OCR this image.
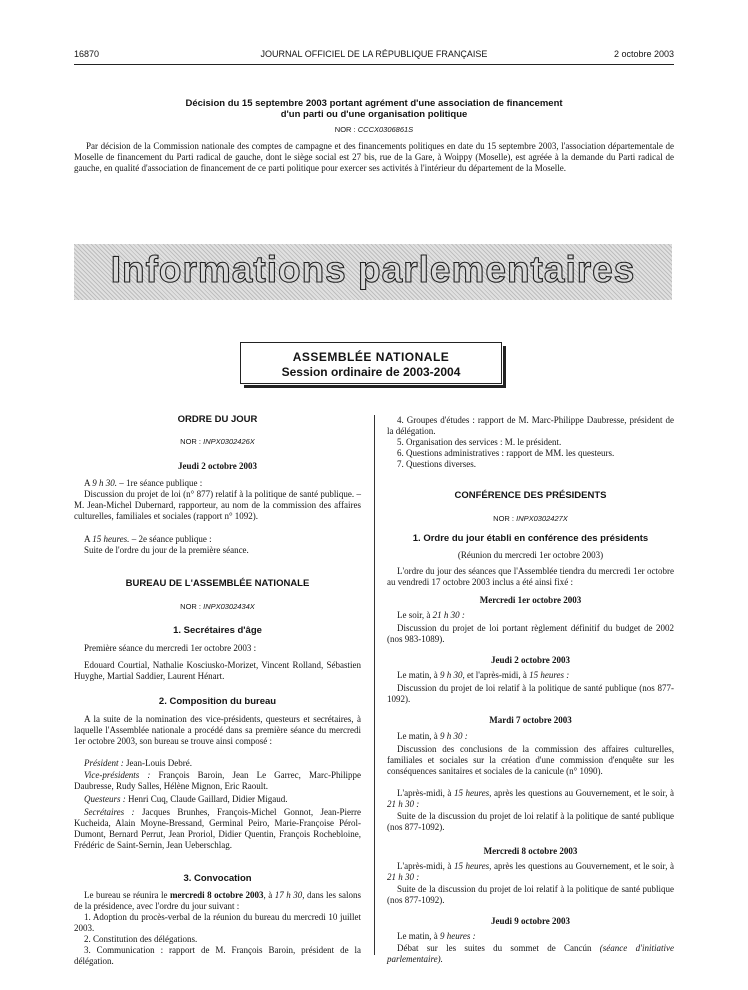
16870	JOURNAL OFFICIEL DE LA RÉPUBLIQUE FRANÇAISE	2 octobre 2003
Décision du 15 septembre 2003 portant agrément d'une association de financement
d'un parti ou d'une organisation politique
NOR : CCCX0306861S
Par décision de la Commission nationale des comptes de campagne et des financements politiques en date du 15 septembre 2003, l'association départementale de Moselle de financement du Parti radical de gauche, dont le siège social est 27 bis, rue de la Gare, à Woippy (Moselle), est agréée à la demande du Parti radical de gauche, en qualité d'association de financement de ce parti politique pour exercer ses activités à l'intérieur du département de la Moselle.
Informations parlementaires
ASSEMBLÉE NATIONALE
Session ordinaire de 2003-2004
ORDRE DU JOUR
NOR : INPX0302426X
Jeudi 2 octobre 2003
A 9 h 30. – 1re séance publique :
Discussion du projet de loi (n° 877) relatif à la politique de santé publique. – M. Jean-Michel Dubernard, rapporteur, au nom de la commission des affaires culturelles, familiales et sociales (rapport n° 1092).
A 15 heures. – 2e séance publique :
Suite de l'ordre du jour de la première séance.
BUREAU DE L'ASSEMBLÉE NATIONALE
NOR : INPX0302434X
1. Secrétaires d'âge
Première séance du mercredi 1er octobre 2003 :
Edouard Courtial, Nathalie Kosciusko-Morizet, Vincent Rolland, Sébastien Huyghe, Martial Saddier, Laurent Hénart.
2. Composition du bureau
A la suite de la nomination des vice-présidents, questeurs et secrétaires, à laquelle l'Assemblée nationale a procédé dans sa première séance du mercredi 1er octobre 2003, son bureau se trouve ainsi composé :
Président : Jean-Louis Debré.
Vice-présidents : François Baroin, Jean Le Garrec, Marc-Philippe Daubresse, Rudy Salles, Hélène Mignon, Eric Raoult.
Questeurs : Henri Cuq, Claude Gaillard, Didier Migaud.
Secrétaires : Jacques Brunhes, François-Michel Gonnot, Jean-Pierre Kucheida, Alain Moyne-Bressand, Germinal Peiro, Marie-Françoise Pérol-Dumont, Bernard Perrut, Jean Proriol, Didier Quentin, François Rochebloine, Frédéric de Saint-Sernin, Jean Ueberschlag.
3. Convocation
Le bureau se réunira le mercredi 8 octobre 2003, à 17 h 30, dans les salons de la présidence, avec l'ordre du jour suivant :
1. Adoption du procès-verbal de la réunion du bureau du mercredi 10 juillet 2003.
2. Constitution des délégations.
3. Communication : rapport de M. François Baroin, président de la délégation.
4. Groupes d'études : rapport de M. Marc-Philippe Daubresse, président de la délégation.
5. Organisation des services : M. le président.
6. Questions administratives : rapport de MM. les questeurs.
7. Questions diverses.
CONFÉRENCE DES PRÉSIDENTS
NOR : INPX0302427X
1. Ordre du jour établi en conférence des présidents
(Réunion du mercredi 1er octobre 2003)
L'ordre du jour des séances que l'Assemblée tiendra du mercredi 1er octobre au vendredi 17 octobre 2003 inclus a été ainsi fixé :
Mercredi 1er octobre 2003
Le soir, à 21 h 30 :
Discussion du projet de loi portant règlement définitif du budget de 2002 (nos 983-1089).
Jeudi 2 octobre 2003
Le matin, à 9 h 30, et l'après-midi, à 15 heures :
Discussion du projet de loi relatif à la politique de santé publique (nos 877-1092).
Mardi 7 octobre 2003
Le matin, à 9 h 30 :
Discussion des conclusions de la commission des affaires culturelles, familiales et sociales sur la création d'une commission d'enquête sur les conséquences sanitaires et sociales de la canicule (n° 1090).
L'après-midi, à 15 heures, après les questions au Gouvernement, et le soir, à 21 h 30 :
Suite de la discussion du projet de loi relatif à la politique de santé publique (nos 877-1092).
Mercredi 8 octobre 2003
L'après-midi, à 15 heures, après les questions au Gouvernement, et le soir, à 21 h 30 :
Suite de la discussion du projet de loi relatif à la politique de santé publique (nos 877-1092).
Jeudi 9 octobre 2003
Le matin, à 9 heures :
Débat sur les suites du sommet de Cancún (séance d'initiative parlementaire).
